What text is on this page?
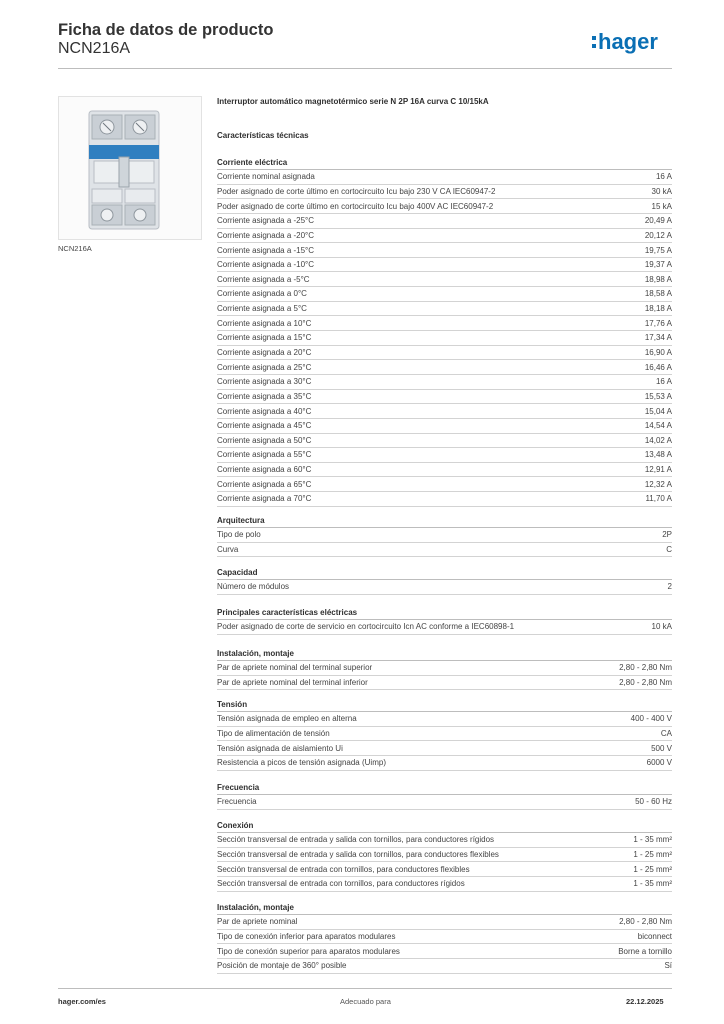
Ficha de datos de producto
NCN216A	hager
NCN216A
Interruptor automático magnetotérmico serie N 2P 16A curva C 10/15kA
Características técnicas
Corriente eléctrica
Corriente nominal asignada	16 A
Poder asignado de corte último en cortocircuito Icu bajo 230 V CA IEC60947-2	30 kA
Poder asignado de corte último en cortocircuito Icu bajo 400V AC IEC60947-2	15 kA
Corriente asignada a -25°C	20,49 A
Corriente asignada a -20°C	20,12 A
Corriente asignada a -15°C	19,75 A
Corriente asignada a -10°C	19,37 A
Corriente asignada a -5°C	18,98 A
Corriente asignada a 0°C	18,58 A
Corriente asignada a 5°C	18,18 A
Corriente asignada a 10°C	17,76 A
Corriente asignada a 15°C	17,34 A
Corriente asignada a 20°C	16,90 A
Corriente asignada a 25°C	16,46 A
Corriente asignada a 30°C	16 A
Corriente asignada a 35°C	15,53 A
Corriente asignada a 40°C	15,04 A
Corriente asignada a 45°C	14,54 A
Corriente asignada a 50°C	14,02 A
Corriente asignada a 55°C	13,48 A
Corriente asignada a 60°C	12,91 A
Corriente asignada a 65°C	12,32 A
Corriente asignada a 70°C	11,70 A
Arquitectura
Tipo de polo	2P
Curva	C
Capacidad
Número de módulos	2
Principales características eléctricas
Poder asignado de corte de servicio en cortocircuito Icn AC conforme a IEC60898-1	10 kA
Instalación, montaje
Par de apriete nominal del terminal superior	2,80 - 2,80 Nm
Par de apriete nominal del terminal inferior	2,80 - 2,80 Nm
Tensión
Tensión asignada de empleo en alterna	400 - 400 V
Tipo de alimentación de tensión	CA
Tensión asignada de aislamiento Ui	500 V
Resistencia a picos de tensión asignada (Uimp)	6000 V
Frecuencia
Frecuencia	50 - 60 Hz
Conexión
Sección transversal de entrada y salida con tornillos, para conductores rígidos	1 - 35 mm²
Sección transversal de entrada y salida con tornillos, para conductores flexibles	1 - 25 mm²
Sección transversal de entrada con tornillos, para conductores flexibles	1 - 25 mm²
Sección transversal de entrada con tornillos, para conductores rígidos	1 - 35 mm²
Instalación, montaje
Par de apriete nominal	2,80 - 2,80 Nm
Tipo de conexión inferior para aparatos modulares	biconnect
Tipo de conexión superior para aparatos modulares	Borne a tornillo
Posición de montaje de 360° posible	Sí
hager.com/es	Adecuado para	22.12.2025
